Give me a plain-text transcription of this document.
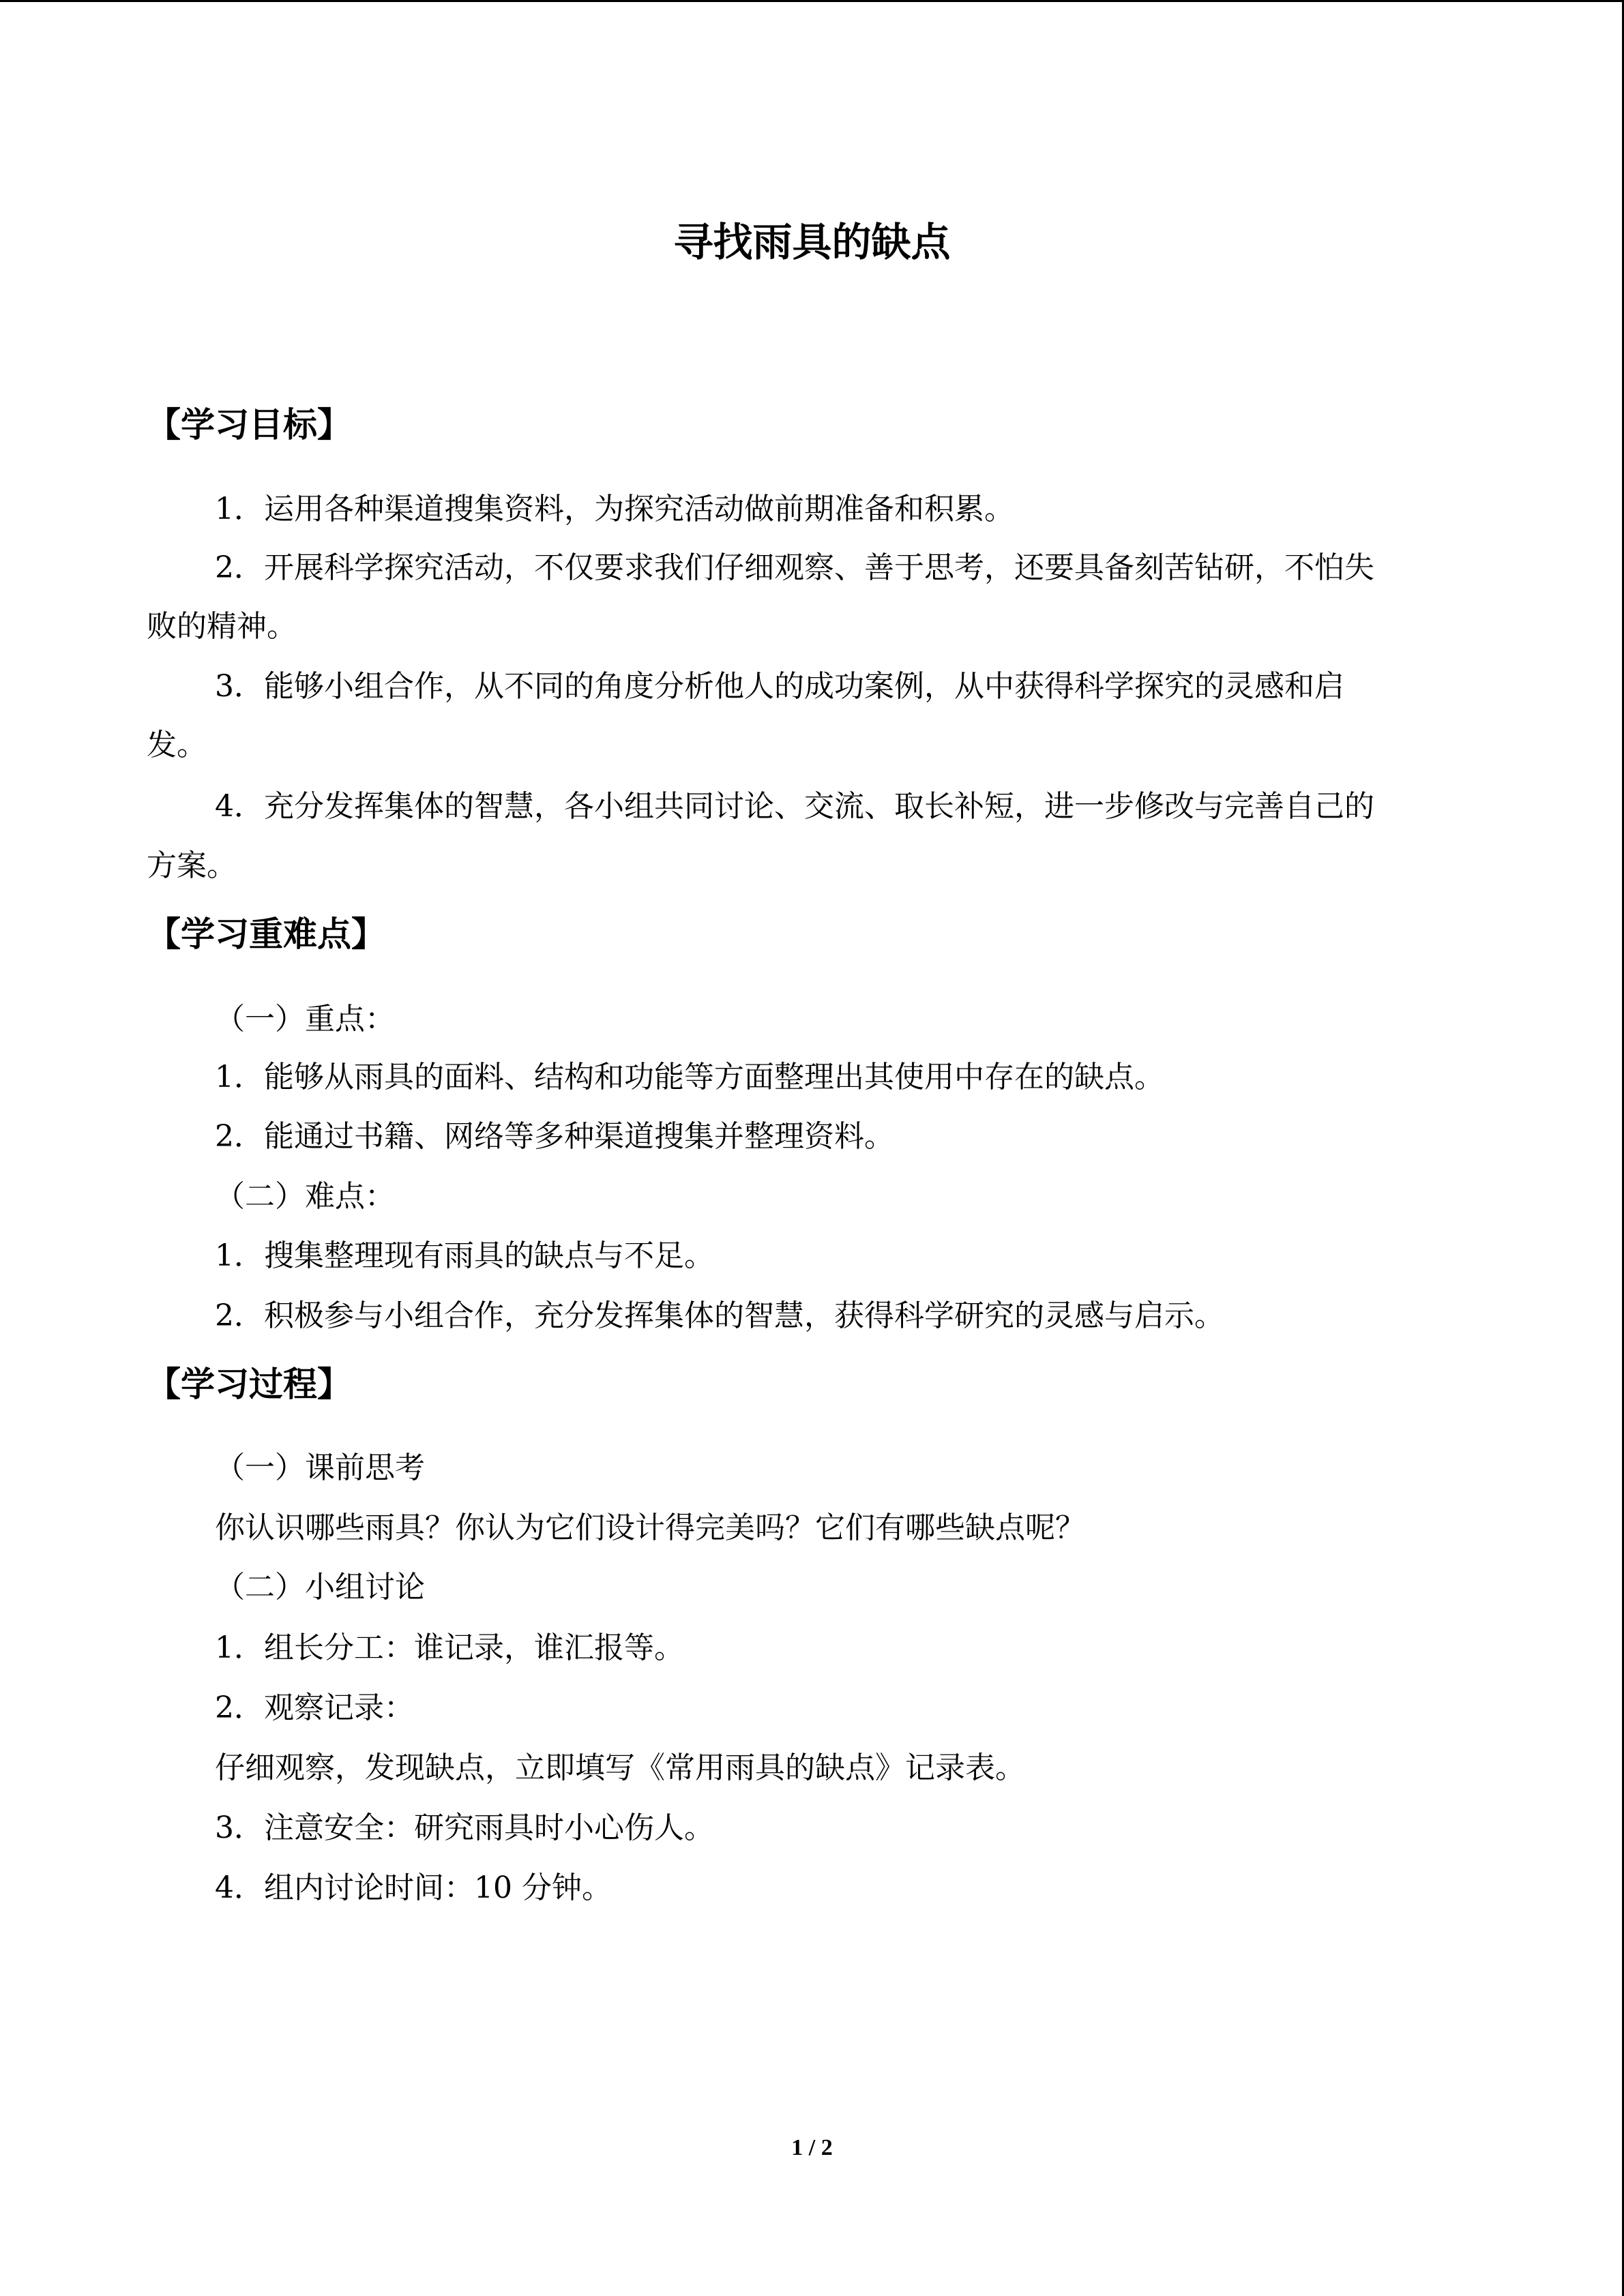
寻找雨具的缺点
【学习目标】
1．运用各种渠道搜集资料，为探究活动做前期准备和积累。
2．开展科学探究活动，不仅要求我们仔细观察、善于思考，还要具备刻苦钻研，不怕失
败的精神。
3．能够小组合作，从不同的角度分析他人的成功案例，从中获得科学探究的灵感和启
发。
4．充分发挥集体的智慧，各小组共同讨论、交流、取长补短，进一步修改与完善自己的
方案。
【学习重难点】
（一）重点：
1．能够从雨具的面料、结构和功能等方面整理出其使用中存在的缺点。
2．能通过书籍、网络等多种渠道搜集并整理资料。
（二）难点：
1．搜集整理现有雨具的缺点与不足。
2．积极参与小组合作，充分发挥集体的智慧，获得科学研究的灵感与启示。
【学习过程】
（一）课前思考
你认识哪些雨具？你认为它们设计得完美吗？它们有哪些缺点呢？
（二）小组讨论
1．组长分工：谁记录，谁汇报等。
2．观察记录：
仔细观察，发现缺点，立即填写《常用雨具的缺点》记录表。
3．注意安全：研究雨具时小心伤人。
4．组内讨论时间：10 分钟。
1 / 2
